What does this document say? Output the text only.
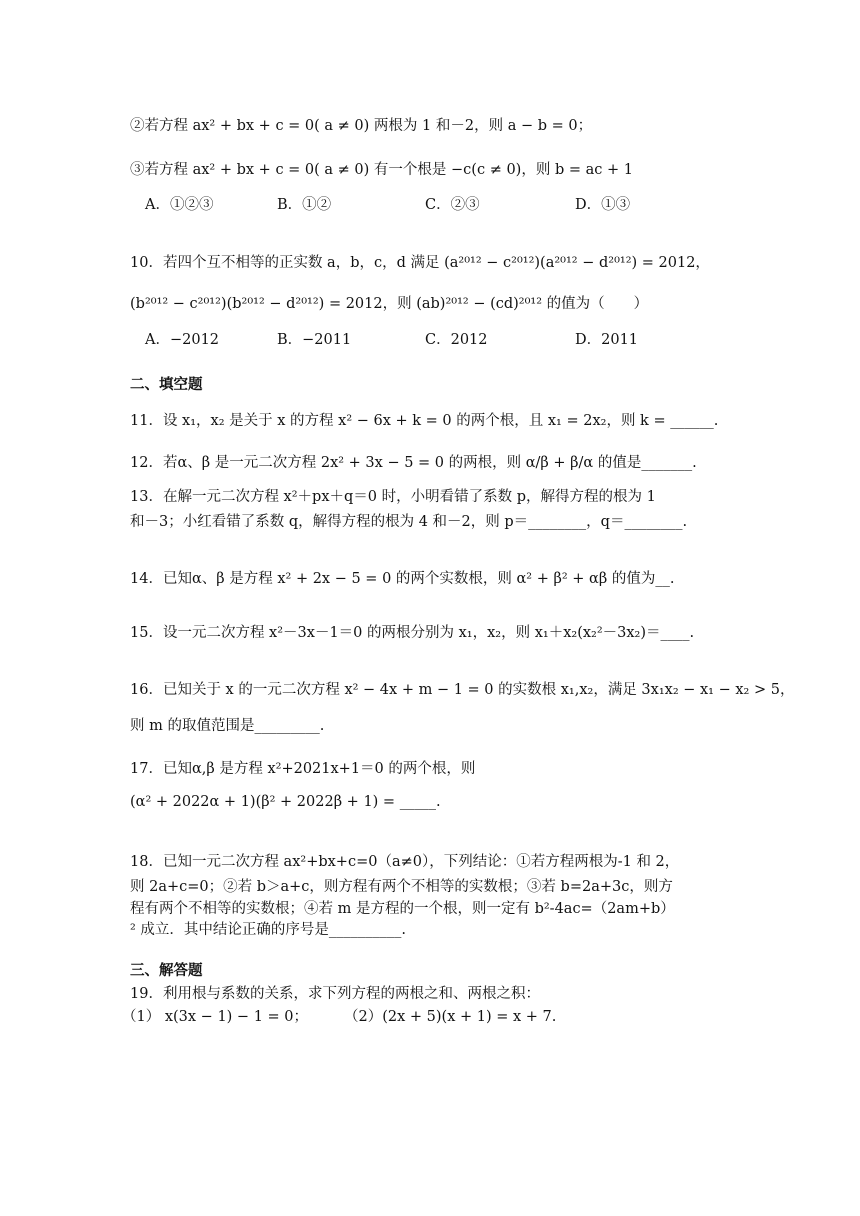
②若方程 ax² + bx + c = 0( a ≠ 0) 两根为 1 和－2，则 a − b = 0；
③若方程 ax² + bx + c = 0( a ≠ 0) 有一个根是 −c(c ≠ 0)，则 b = ac + 1
A．①②③	B．①②	C．②③	D．①③
10．若四个互不相等的正实数 a，b，c，d 满足 (a²⁰¹² − c²⁰¹²)(a²⁰¹² − d²⁰¹²) = 2012，
(b²⁰¹² − c²⁰¹²)(b²⁰¹² − d²⁰¹²) = 2012，则 (ab)²⁰¹² − (cd)²⁰¹² 的值为（　　）
A．−2012	B．−2011	C．2012	D．2011
二、填空题
11．设 x₁，x₂ 是关于 x 的方程 x² − 6x + k = 0 的两个根，且 x₁ = 2x₂，则 k = ______.
12．若α、β 是一元二次方程 2x² + 3x − 5 = 0 的两根，则 α/β + β/α 的值是_______.
13．在解一元二次方程 x²＋px＋q＝0 时，小明看错了系数 p，解得方程的根为 1
和－3；小红看错了系数 q，解得方程的根为 4 和－2，则 p＝________，q＝________.
14．已知α、β 是方程 x² + 2x − 5 = 0 的两个实数根，则 α² + β² + αβ 的值为__.
15．设一元二次方程 x²－3x－1＝0 的两根分别为 x₁，x₂，则 x₁＋x₂(x₂²－3x₂)＝____.
16．已知关于 x 的一元二次方程 x² − 4x + m − 1 = 0 的实数根 x₁,x₂，满足 3x₁x₂ − x₁ − x₂ > 5，
则 m 的取值范围是_________.
17．已知α,β 是方程 x²+2021x+1＝0 的两个根，则
(α² + 2022α + 1)(β² + 2022β + 1) = _____.
18．已知一元二次方程 ax²+bx+c=0（a≠0），下列结论：①若方程两根为-1 和 2，
则 2a+c=0；②若 b＞a+c，则方程有两个不相等的实数根；③若 b=2a+3c，则方
程有两个不相等的实数根；④若 m 是方程的一个根，则一定有 b²-4ac=（2am+b）
² 成立．其中结论正确的序号是__________.
三、解答题
19．利用根与系数的关系，求下列方程的两根之和、两根之积：
（1） x(3x − 1) − 1 = 0；	（2）(2x + 5)(x + 1) = x + 7.
